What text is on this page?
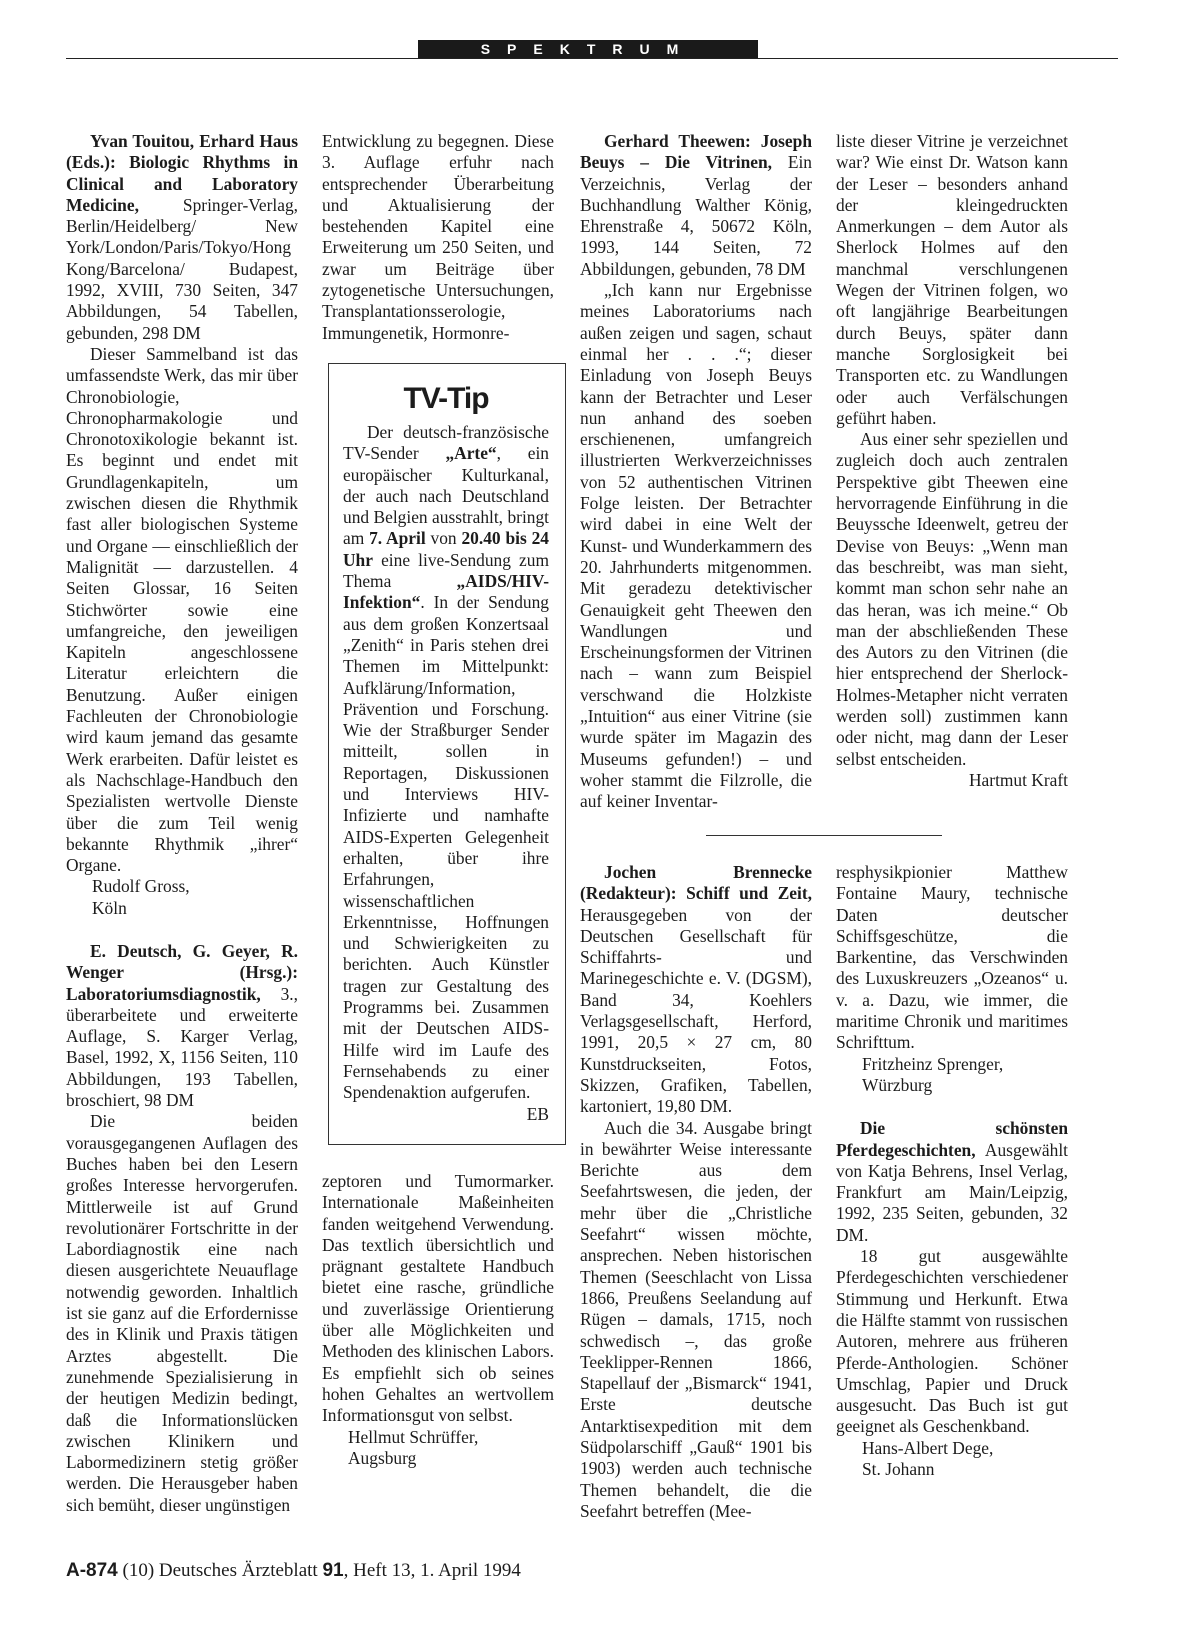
SPEKTRUM

Yvan Touitou, Erhard Haus (Eds.): Biologic Rhythms in Clinical and Laboratory Medicine,	Springer-Verlag, Berlin/Heidelberg/ New York/London/Paris/Tokyo/Hong Kong/Barcelona/ Budapest, 1992, XVIII, 730 Seiten, 347 Abbildungen, 54 Tabellen, gebunden, 298 DM

Dieser Sammelband ist das umfassendste Werk, das mir über Chronobiologie, Chronopharmakologie und Chronotoxikologie bekannt ist. Es beginnt und endet mit Grundlagenkapiteln, um zwischen diesen die Rhythmik fast aller biologischen Systeme und Organe — einschließlich der Malignität — darzustellen. 4 Seiten Glossar, 16 Seiten Stichwörter sowie eine umfangreiche, den jeweiligen Kapiteln angeschlossene Literatur erleichtern die Benutzung. Außer einigen Fachleuten der Chronobiologie wird kaum jemand das gesamte Werk erarbeiten. Dafür leistet es als Nachschlage-Handbuch den Spezialisten wertvolle Dienste über die zum Teil wenig bekannte Rhythmik „ihrer“ Organe.

Rudolf Gross,

Köln

E. Deutsch, G. Geyer, R. Wenger (Hrsg.): Laboratoriumsdiagnostik, 3., überarbeitete und erweiterte Auflage, S. Karger Verlag, Basel, 1992, X, 1156 Seiten, 110 Abbildungen, 193 Tabellen, broschiert, 98 DM

Die beiden vorausgegangenen Auflagen des Buches haben bei den Lesern großes Interesse hervorgerufen. Mittlerweile ist auf Grund revolutionärer Fortschritte in der Labordiagnostik eine nach diesen ausgerichtete Neuauflage notwendig geworden. Inhaltlich ist sie ganz auf die Erfordernisse des in Klinik und Praxis tätigen Arztes abgestellt. Die zunehmende Spezialisierung in der heutigen Medizin bedingt, daß die Informationslücken zwischen Klinikern und Labormedizinern stetig größer werden. Die Herausgeber haben sich bemüht, dieser ungünstigen

Entwicklung zu begegnen. Diese 3. Auflage erfuhr nach entsprechender Überarbeitung und Aktualisierung der bestehenden Kapitel eine Erweiterung um 250 Seiten, und zwar um Beiträge über zytogenetische Untersuchungen, Transplantationsserologie, Immungenetik, Hormonre-

TV-Tip

Der deutsch-französische TV-Sender „Arte“, ein europäischer Kulturkanal, der auch nach Deutschland und Belgien ausstrahlt, bringt am 7. April von 20.40 bis 24 Uhr eine live-Sendung zum Thema „AIDS/HIV-Infektion“. In der Sendung aus dem großen Konzertsaal „Zenith“ in Paris stehen drei Themen im Mittelpunkt: Aufklärung/Information, Prävention und Forschung. Wie der Straßburger Sender mitteilt, sollen in Reportagen, Diskussionen und Interviews HIV-Infizierte und namhafte AIDS-Experten Gelegenheit erhalten, über ihre Erfahrungen, wissenschaftlichen Erkenntnisse, Hoffnungen und Schwierigkeiten zu berichten. Auch Künstler tragen zur Gestaltung des Programms bei. Zusammen mit der Deutschen AIDS-Hilfe wird im Laufe des Fernsehabends zu einer Spendenaktion aufgerufen.

EB

zeptoren und Tumormarker. Internationale Maßeinheiten fanden weitgehend Verwendung. Das textlich übersichtlich und prägnant gestaltete Handbuch bietet eine rasche, gründliche und zuverlässige Orientierung über alle Möglichkeiten und Methoden des klinischen Labors. Es empfiehlt sich ob seines hohen Gehaltes an wertvollem Informationsgut von selbst.

Hellmut Schrüffer,

Augsburg

Gerhard Theewen: Joseph Beuys – Die Vitrinen, Ein Verzeichnis, Verlag der Buchhandlung Walther König, Ehrenstraße 4, 50672 Köln, 1993, 144 Seiten, 72 Abbildungen, gebunden, 78 DM

„Ich kann nur Ergebnisse meines Laboratoriums nach außen zeigen und sagen, schaut einmal her . . .“; dieser Einladung von Joseph Beuys kann der Betrachter und Leser nun anhand des soeben erschienenen, umfangreich illustrierten Werkverzeichnisses von 52 authentischen Vitrinen Folge leisten. Der Betrachter wird dabei in eine Welt der Kunst- und Wunderkammern des 20. Jahrhunderts mitgenommen. Mit geradezu detektivischer Genauigkeit geht Theewen den Wandlungen und Erscheinungsformen der Vitrinen nach – wann zum Beispiel verschwand die Holzkiste „Intuition“ aus einer Vitrine (sie wurde später im Magazin des Museums gefunden!) – und woher stammt die Filzrolle, die auf keiner Inventar-

liste dieser Vitrine je verzeichnet war? Wie einst Dr. Watson kann der Leser – besonders anhand der kleingedruckten Anmerkungen – dem Autor als Sherlock Holmes auf den manchmal verschlungenen Wegen der Vitrinen folgen, wo oft langjährige Bearbeitungen durch Beuys, später dann manche Sorglosigkeit bei Transporten etc. zu Wandlungen oder auch Verfälschungen geführt haben.

Aus einer sehr speziellen und zugleich doch auch zentralen Perspektive gibt Theewen eine hervorragende Einführung in die Beuyssche Ideenwelt, getreu der Devise von Beuys: „Wenn man das beschreibt, was man sieht, kommt man schon sehr nahe an das heran, was ich meine.“ Ob man der abschließenden These des Autors zu den Vitrinen (die hier entsprechend der Sherlock-Holmes-Metapher nicht verraten werden soll) zustimmen kann oder nicht, mag dann der Leser selbst entscheiden.

Hartmut Kraft

Jochen Brennecke (Redakteur): Schiff und Zeit, Herausgegeben von der Deutschen Gesellschaft für Schiffahrts- und Marinegeschichte e. V. (DGSM), Band 34, Koehlers Verlagsgesellschaft, Herford, 1991, 20,5 × 27 cm, 80 Kunstdruckseiten, Fotos, Skizzen, Grafiken, Tabellen, kartoniert, 19,80 DM.

Auch die 34. Ausgabe bringt in bewährter Weise interessante Berichte aus dem Seefahrtswesen, die jeden, der mehr über die „Christliche Seefahrt“ wissen möchte, ansprechen. Neben historischen Themen (Seeschlacht von Lissa 1866, Preußens Seelandung auf Rügen – damals, 1715, noch schwedisch –, das große Teeklipper-Rennen 1866, Stapellauf der „Bismarck“ 1941, Erste deutsche Antarktisexpedition mit dem Südpolarschiff „Gauß“ 1901 bis 1903) werden auch technische Themen behandelt, die die Seefahrt betreffen (Mee-

resphysikpionier Matthew Fontaine Maury, technische Daten deutscher Schiffsgeschütze, die Barkentine, das Verschwinden des Luxuskreuzers „Ozeanos“ u. v. a. Dazu, wie immer, die maritime Chronik und maritimes Schrifttum.

Fritzheinz Sprenger,

Würzburg

Die schönsten Pferdegeschichten, Ausgewählt von Katja Behrens, Insel Verlag, Frankfurt am Main/Leipzig, 1992, 235 Seiten, gebunden, 32 DM.

18 gut ausgewählte Pferdegeschichten verschiedener Stimmung und Herkunft. Etwa die Hälfte stammt von russischen Autoren, mehrere aus früheren Pferde-Anthologien. Schöner Umschlag, Papier und Druck ausgesucht. Das Buch ist gut geeignet als Geschenkband.

Hans-Albert Dege,

St. Johann

A-874 (10) Deutsches Ärzteblatt 91, Heft 13, 1. April 1994
